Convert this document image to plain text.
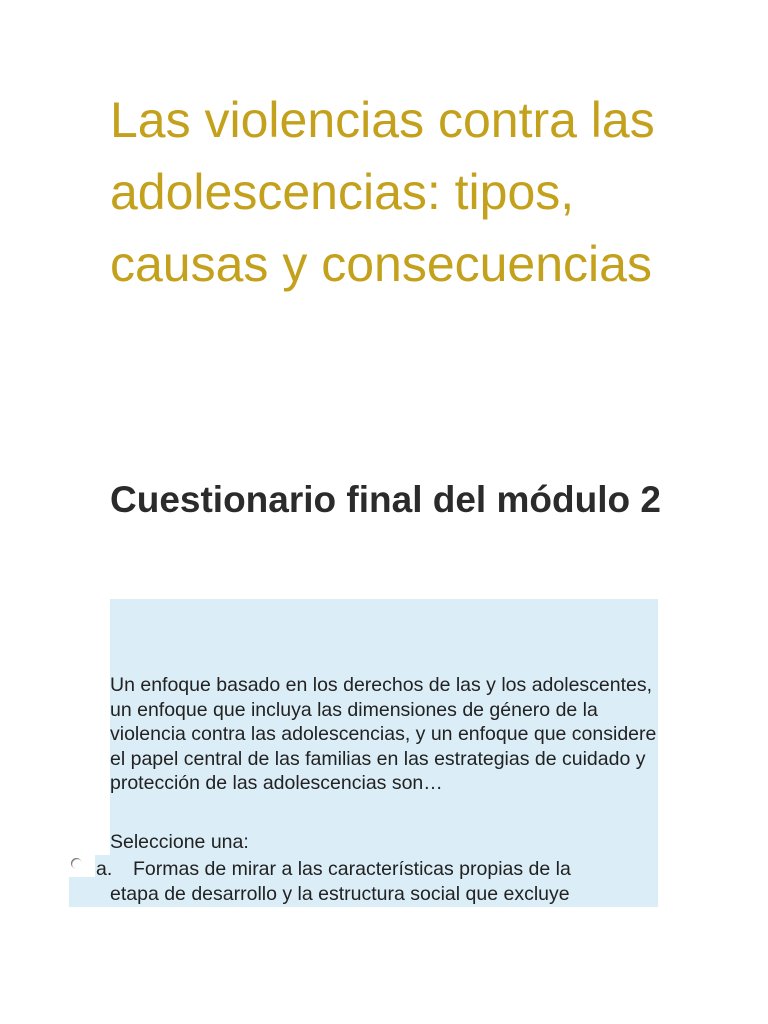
Las violencias contra las adolescencias: tipos, causas y consecuencias
Cuestionario final del módulo 2

Un enfoque basado en los derechos de las y los adolescentes, un enfoque que incluya las dimensiones de género de la violencia contra las adolescencias, y un enfoque que considere el papel central de las familias en las estrategias de cuidado y protección de las adolescencias son…

Seleccione una:

a. Formas de mirar a las características propias de la
etapa de desarrollo y la estructura social que excluye
